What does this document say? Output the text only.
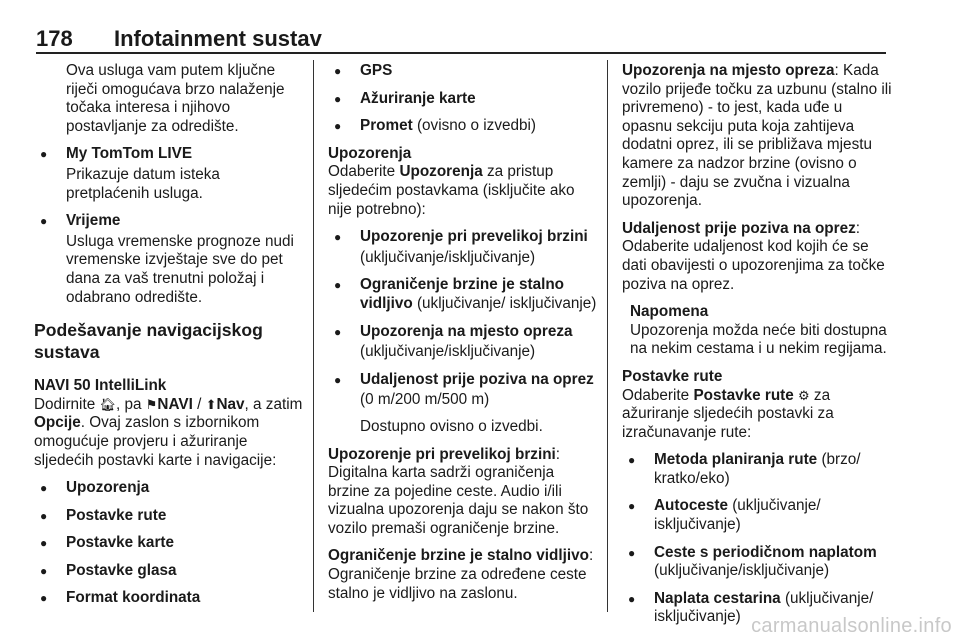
178 Infotainment sustav

Ova usluga vam putem ključne riječi omogućava brzo nalaženje točaka interesa i njihovo postavljanje za odredište.

● My TomTom LIVE
Prikazuje datum isteka pretplaćenih usluga.
● Vrijeme
Usluga vremenske prognoze nudi vremenske izvještaje sve do pet dana za vaš trenutni položaj i odabrano odredište.
Podešavanje navigacijskog sustava

NAVI 50 IntelliLink

Dodirnite 🏠︎, pa ⚑NAVI / ⬆Nav, a zatim Opcije. Ovaj zaslon s izbornikom omogućuje provjeru i ažuriranje sljedećih postavki karte i navigacije:

● Upozorenja
● Postavke rute
● Postavke karte
● Postavke glasa
● Format koordinata
● GPS
● Ažuriranje karte
● Promet (ovisno o izvedbi)

Upozorenja

Odaberite Upozorenja za pristup sljedećim postavkama (isključite ako nije potrebno):

● Upozorenje pri prevelikoj brzini
(uključivanje/isključivanje)
● Ograničenje brzine je stalno vidljivo (uključivanje/ isključivanje)
● Upozorenja na mjesto opreza
(uključivanje/isključivanje)
● Udaljenost prije poziva na oprez
(0 m/200 m/500 m)
Dostupno ovisno o izvedbi.

Upozorenje pri prevelikoj brzini:
Digitalna karta sadrži ograničenja brzine za pojedine ceste. Audio i/ili vizualna upozorenja daju se nakon što vozilo premaši ograničenje brzine.

Ograničenje brzine je stalno vidljivo:
Ograničenje brzine za određene ceste stalno je vidljivo na zaslonu.

Upozorenja na mjesto opreza: Kada vozilo prijeđe točku za uzbunu (stalno ili privremeno) - to jest, kada uđe u opasnu sekciju puta koja zahtijeva dodatni oprez, ili se približava mjestu kamere za nadzor brzine (ovisno o zemlji) - daju se zvučna i vizualna upozorenja.

Udaljenost prije poziva na oprez: Odaberite udaljenost kod kojih će se dati obavijesti o upozorenjima za točke poziva na oprez.

Napomena

Upozorenja možda neće biti dostupna na nekim cestama i u nekim regijama.

Postavke rute

Odaberite Postavke rute ⚙ za ažuriranje sljedećih postavki za izračunavanje rute:

● Metoda planiranja rute (brzo/ kratko/eko)
● Autoceste (uključivanje/ isključivanje)
● Ceste s periodičnom naplatom (uključivanje/isključivanje)
● Naplata cestarina (uključivanje/ isključivanje) carmanualsonline.info
